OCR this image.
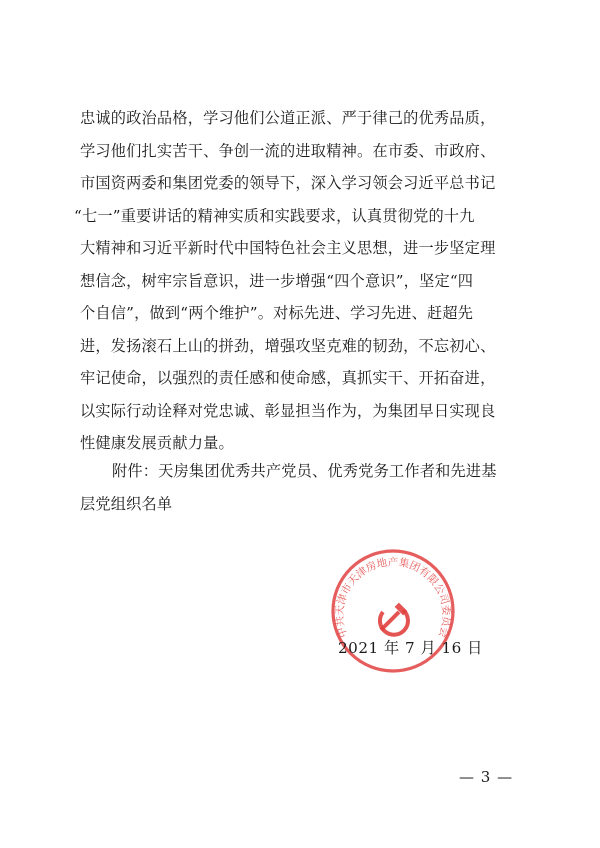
忠诚的政治品格，学习他们公道正派、严于律己的优秀品质，
学习他们扎实苦干、争创一流的进取精神。在市委、市政府、
市国资两委和集团党委的领导下，深入学习领会习近平总书记
“七一”重要讲话的精神实质和实践要求，认真贯彻党的十九
大精神和习近平新时代中国特色社会主义思想，进一步坚定理
想信念，树牢宗旨意识，进一步增强“四个意识”，坚定“四
个自信”，做到“两个维护”。对标先进、学习先进、赶超先
进，发扬滚石上山的拼劲，增强攻坚克难的韧劲，不忘初心、
牢记使命，以强烈的责任感和使命感，真抓实干、开拓奋进，
以实际行动诠释对党忠诚、彰显担当作为，为集团早日实现良
性健康发展贡献力量。
附件：天房集团优秀共产党员、优秀党务工作者和先进基
层党组织名单
中共天津市天津房地产集团有限公司委员会
2021 年 7 月 16 日
— 3 —
